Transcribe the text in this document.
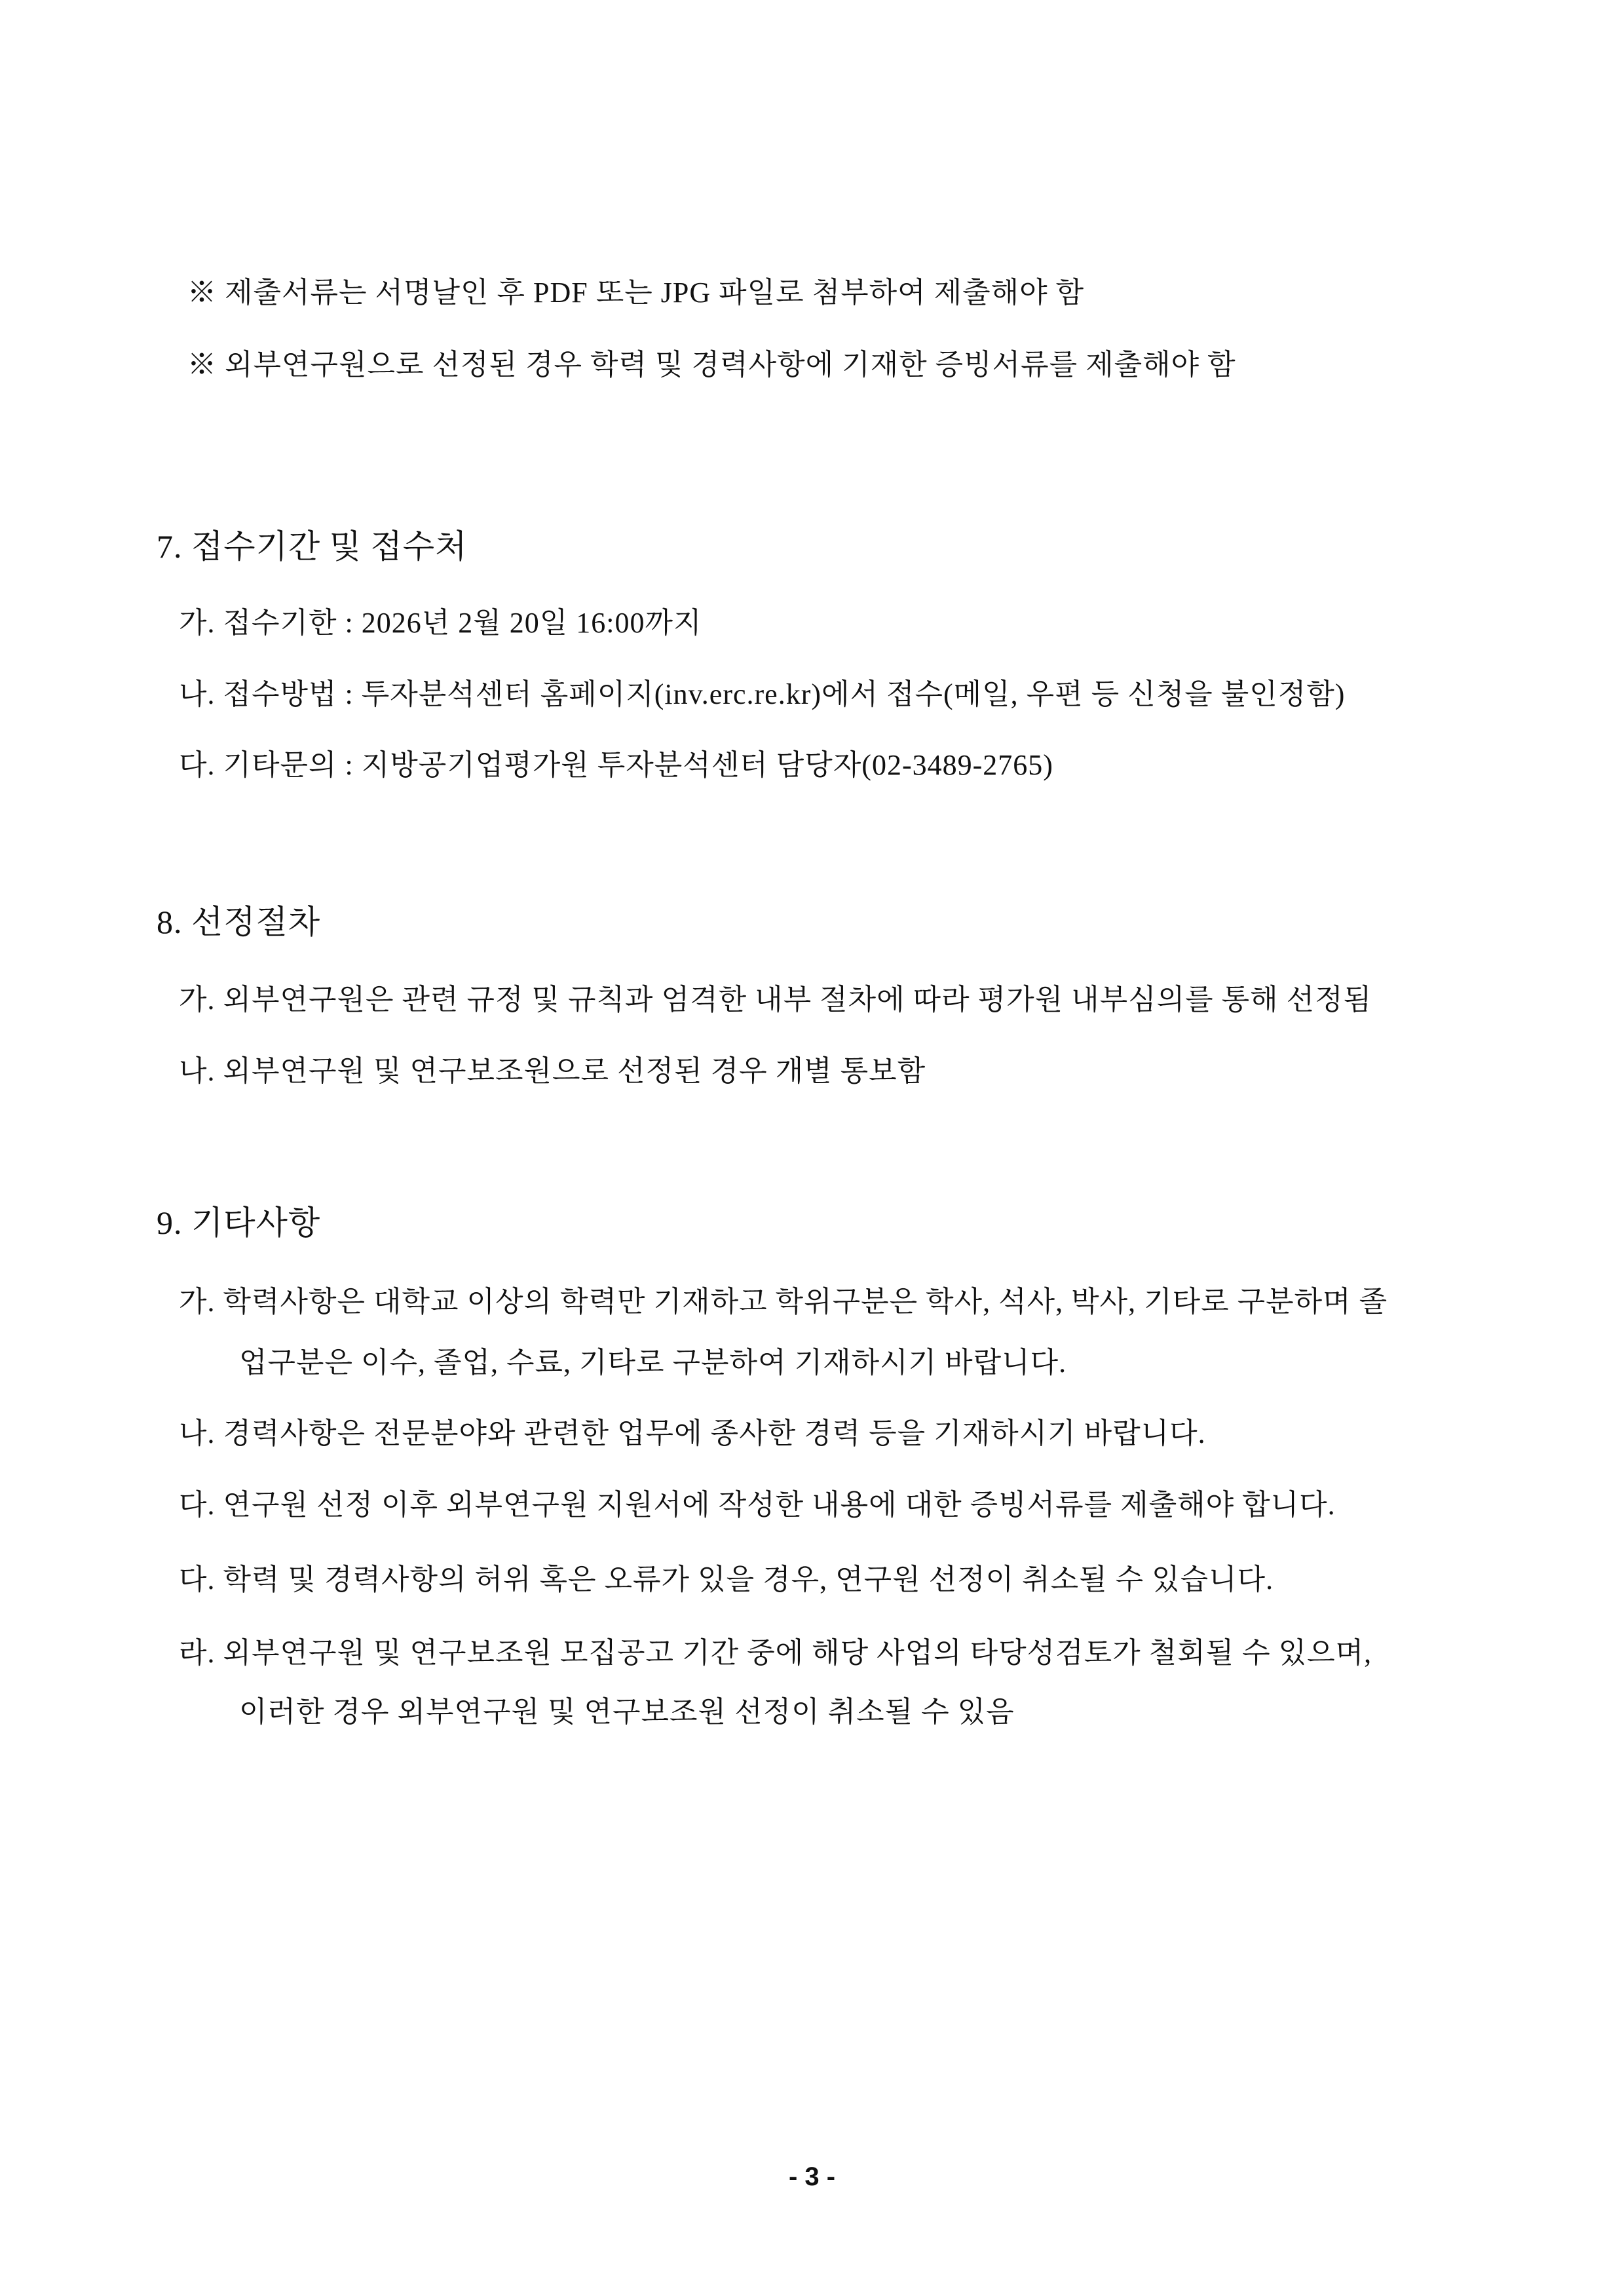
※ 제출서류는 서명날인 후 PDF 또는 JPG 파일로 첨부하여 제출해야 함
※ 외부연구원으로 선정된 경우 학력 및 경력사항에 기재한 증빙서류를 제출해야 함
7. 접수기간 및 접수처
가. 접수기한 : 2026년 2월 20일 16:00까지
나. 접수방법 : 투자분석센터 홈페이지(inv.erc.re.kr)에서 접수(메일, 우편 등 신청을 불인정함)
다. 기타문의 : 지방공기업평가원 투자분석센터 담당자(02-3489-2765)
8. 선정절차
가. 외부연구원은 관련 규정 및 규칙과 엄격한 내부 절차에 따라 평가원 내부심의를 통해 선정됨
나. 외부연구원 및 연구보조원으로 선정된 경우 개별 통보함
9. 기타사항
가. 학력사항은 대학교 이상의 학력만 기재하고 학위구분은 학사, 석사, 박사, 기타로 구분하며 졸
업구분은 이수, 졸업, 수료, 기타로 구분하여 기재하시기 바랍니다.
나. 경력사항은 전문분야와 관련한 업무에 종사한 경력 등을 기재하시기 바랍니다.
다. 연구원 선정 이후 외부연구원 지원서에 작성한 내용에 대한 증빙서류를 제출해야 합니다.
다. 학력 및 경력사항의 허위 혹은 오류가 있을 경우, 연구원 선정이 취소될 수 있습니다.
라. 외부연구원 및 연구보조원 모집공고 기간 중에 해당 사업의 타당성검토가 철회될 수 있으며,
이러한 경우 외부연구원 및 연구보조원 선정이 취소될 수 있음
- 3 -
